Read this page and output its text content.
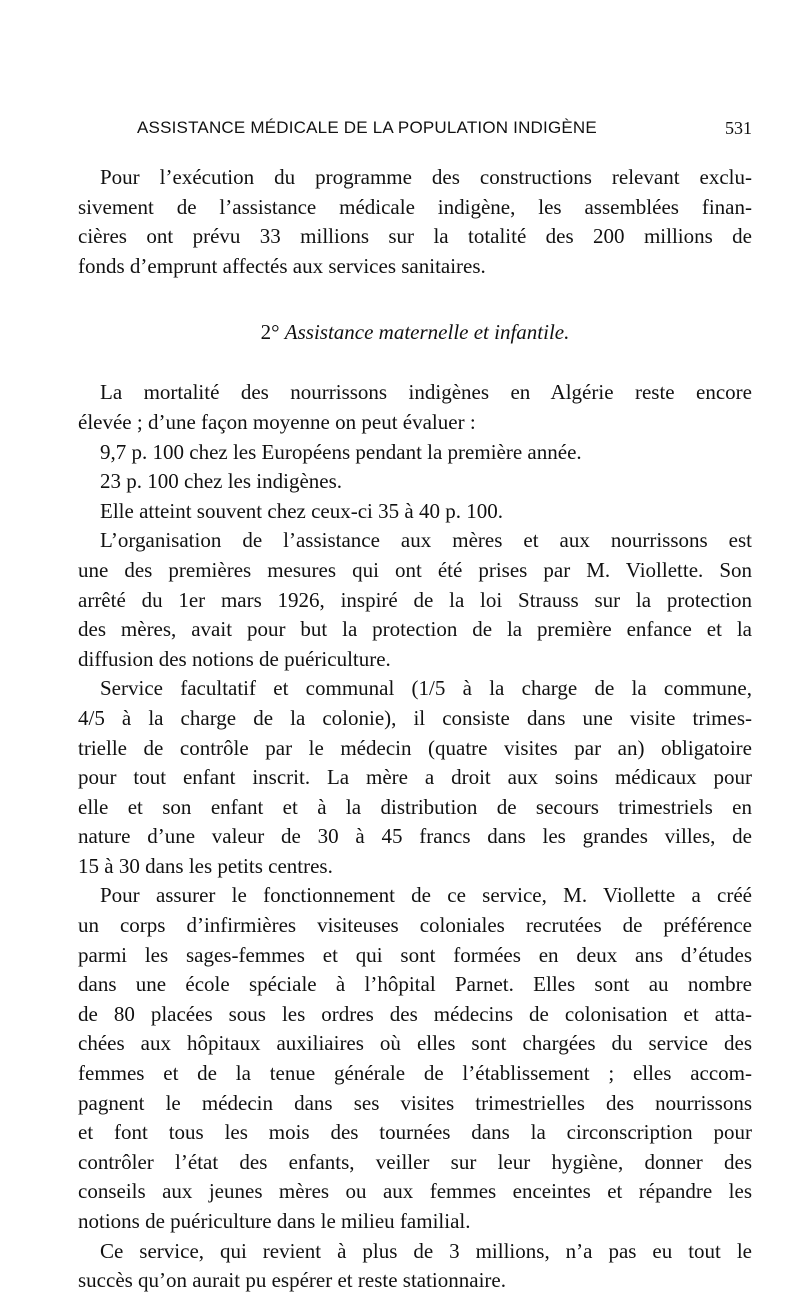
ASSISTANCE MÉDICALE DE LA POPULATION INDIGÈNE	531
Pour l’exécution du programme des constructions relevant exclu-
sivement de l’assistance médicale indigène, les assemblées finan-
cières ont prévu 33 millions sur la totalité des 200 millions de
fonds d’emprunt affectés aux services sanitaires.
2° Assistance maternelle et infantile.
La mortalité des nourrissons indigènes en Algérie reste encore
élevée ; d’une façon moyenne on peut évaluer :
9,7 p. 100 chez les Européens pendant la première année.
23 p. 100 chez les indigènes.
Elle atteint souvent chez ceux-ci 35 à 40 p. 100.
L’organisation de l’assistance aux mères et aux nourrissons est
une des premières mesures qui ont été prises par M. Viollette. Son
arrêté du 1er mars 1926, inspiré de la loi Strauss sur la protection
des mères, avait pour but la protection de la première enfance et la
diffusion des notions de puériculture.
Service facultatif et communal (1/5 à la charge de la commune,
4/5 à la charge de la colonie), il consiste dans une visite trimes-
trielle de contrôle par le médecin (quatre visites par an) obligatoire
pour tout enfant inscrit. La mère a droit aux soins médicaux pour
elle et son enfant et à la distribution de secours trimestriels en
nature d’une valeur de 30 à 45 francs dans les grandes villes, de
15 à 30 dans les petits centres.
Pour assurer le fonctionnement de ce service, M. Viollette a créé
un corps d’infirmières visiteuses coloniales recrutées de préférence
parmi les sages-femmes et qui sont formées en deux ans d’études
dans une école spéciale à l’hôpital Parnet. Elles sont au nombre
de 80 placées sous les ordres des médecins de colonisation et atta-
chées aux hôpitaux auxiliaires où elles sont chargées du service des
femmes et de la tenue générale de l’établissement ; elles accom-
pagnent le médecin dans ses visites trimestrielles des nourrissons
et font tous les mois des tournées dans la circonscription pour
contrôler l’état des enfants, veiller sur leur hygiène, donner des
conseils aux jeunes mères ou aux femmes enceintes et répandre les
notions de puériculture dans le milieu familial.
Ce service, qui revient à plus de 3 millions, n’a pas eu tout le
succès qu’on aurait pu espérer et reste stationnaire.
